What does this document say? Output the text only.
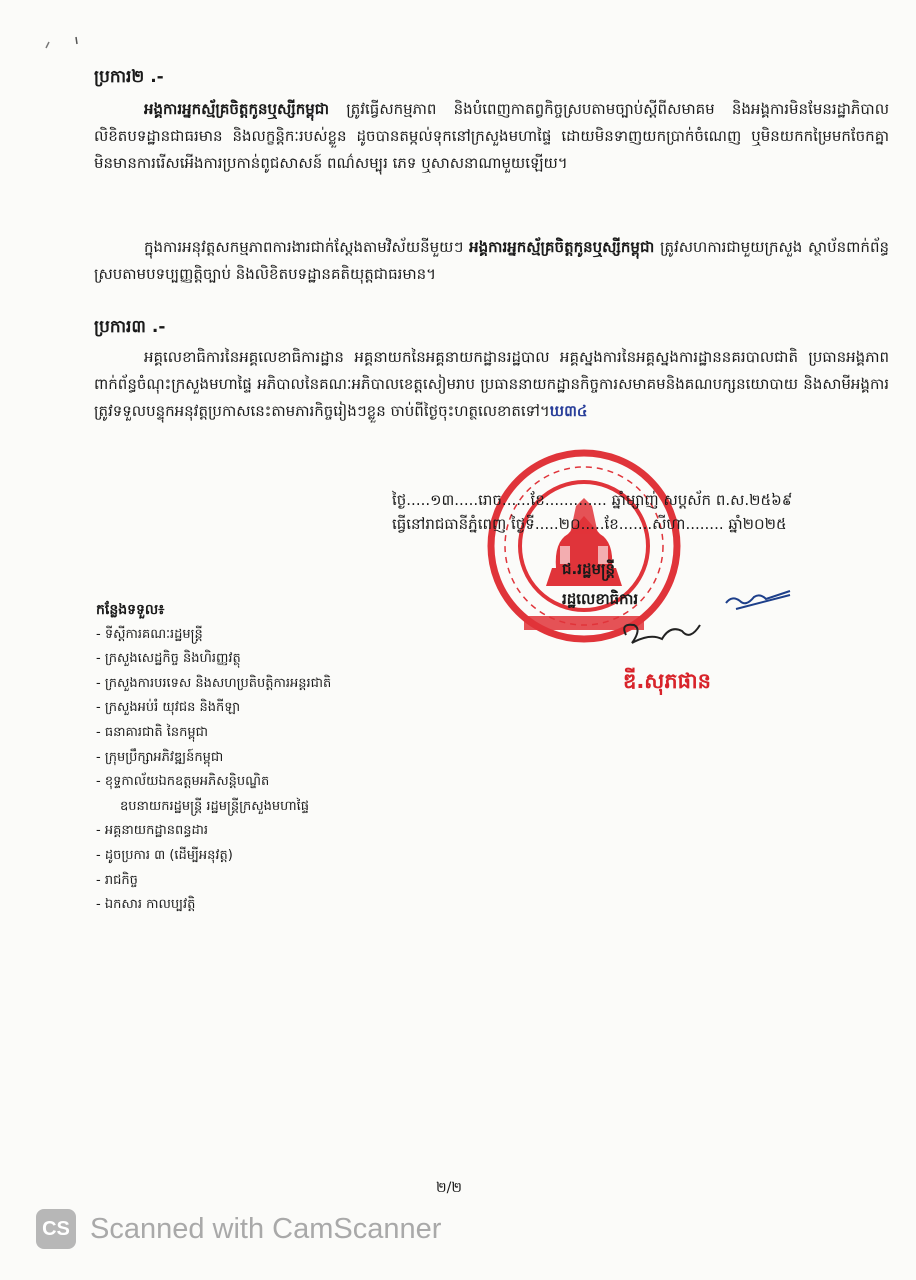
ប្រការ២ .-
អង្គការអ្នកស្ម័គ្រចិត្តកូនឬស្សីកម្ពុជា ត្រូវធ្វើសកម្មភាព និងបំពេញកាតព្វកិច្ចស្របតាមច្បាប់ស្តីពីសមាគម និងអង្គការមិនមែនរដ្ឋាភិបាល លិខិតបទដ្ឋានជាធរមាន និងលក្ខន្តិកៈរបស់ខ្លួន ដូចបានតម្កល់ទុកនៅក្រសួងមហាផ្ទៃ ដោយមិនទាញយកប្រាក់ចំណេញ ឬមិនយកកម្រៃមកចែកគ្នា មិនមានការរើសអើងការប្រកាន់ពូជសាសន៍ ពណ៌សម្បុរ ភេទ ឬសាសនាណាមួយឡើយ។
ក្នុងការអនុវត្តសកម្មភាពការងារជាក់ស្តែងតាមវិស័យនីមួយៗ អង្គការអ្នកស្ម័គ្រចិត្តកូនឬស្សីកម្ពុជា ត្រូវសហការជាមួយក្រសួង ស្ថាប័នពាក់ព័ន្ធ ស្របតាមបទប្បញ្ញត្តិច្បាប់ និងលិខិតបទដ្ឋានគតិយុត្តជាធរមាន។
ប្រការ៣ .-
អគ្គលេខាធិការនៃអគ្គលេខាធិការដ្ឋាន អគ្គនាយកនៃអគ្គនាយកដ្ឋានរដ្ឋបាល អគ្គស្នងការនៃអគ្គស្នងការដ្ឋាននគរបាលជាតិ ប្រធានអង្គភាពពាក់ព័ន្ធចំណុះក្រសួងមហាផ្ទៃ អភិបាលនៃគណៈអភិបាលខេត្តសៀមរាប ប្រធាននាយកដ្ឋានកិច្ចការសមាគមនិងគណបក្សនយោបាយ និងសាមីអង្គការត្រូវទទួលបន្ទុកអនុវត្តប្រកាសនេះតាមភារកិច្ចរៀងៗខ្លួន ចាប់ពីថ្ងៃចុះហត្ថលេខាតទៅ។ឃ៣៤
ថ្ងៃ.....១៣.....រោច......ខែ............. ឆ្នាំម្សាញ់ សប្តស័ក ព.ស.២៥៦៩
ធ្វើនៅរាជធានីភ្នំពេញ ថ្ងៃទី.....២០.....ខែ.......សីហា........ ឆ្នាំ២០២៥
ជ.រដ្ឋមន្ត្រី
រដ្ឋលេខាធិការ
ឌី.សុភផាន
កន្លែងទទួល៖
- ទីស្តីការគណៈរដ្ឋមន្ត្រី
- ក្រសួងសេដ្ឋកិច្ច និងហិរញ្ញវត្ថុ
- ក្រសួងការបរទេស និងសហប្រតិបត្តិការអន្តរជាតិ
- ក្រសួងអប់រំ យុវជន និងកីឡា
- ធនាគារជាតិ នៃកម្ពុជា
- ក្រុមប្រឹក្សាអភិវឌ្ឍន៍កម្ពុជា
- ខុទ្ទកាល័យឯកឧត្តមអភិសន្តិបណ្ឌិត
ឧបនាយករដ្ឋមន្ត្រី រដ្ឋមន្ត្រីក្រសួងមហាផ្ទៃ
- អគ្គនាយកដ្ឋានពន្ធដារ
- ដូចប្រការ ៣ (ដើម្បីអនុវត្ត)
- រាជកិច្ច
- ឯកសារ កាលប្បវត្តិ
២/២
CS Scanned with CamScanner
